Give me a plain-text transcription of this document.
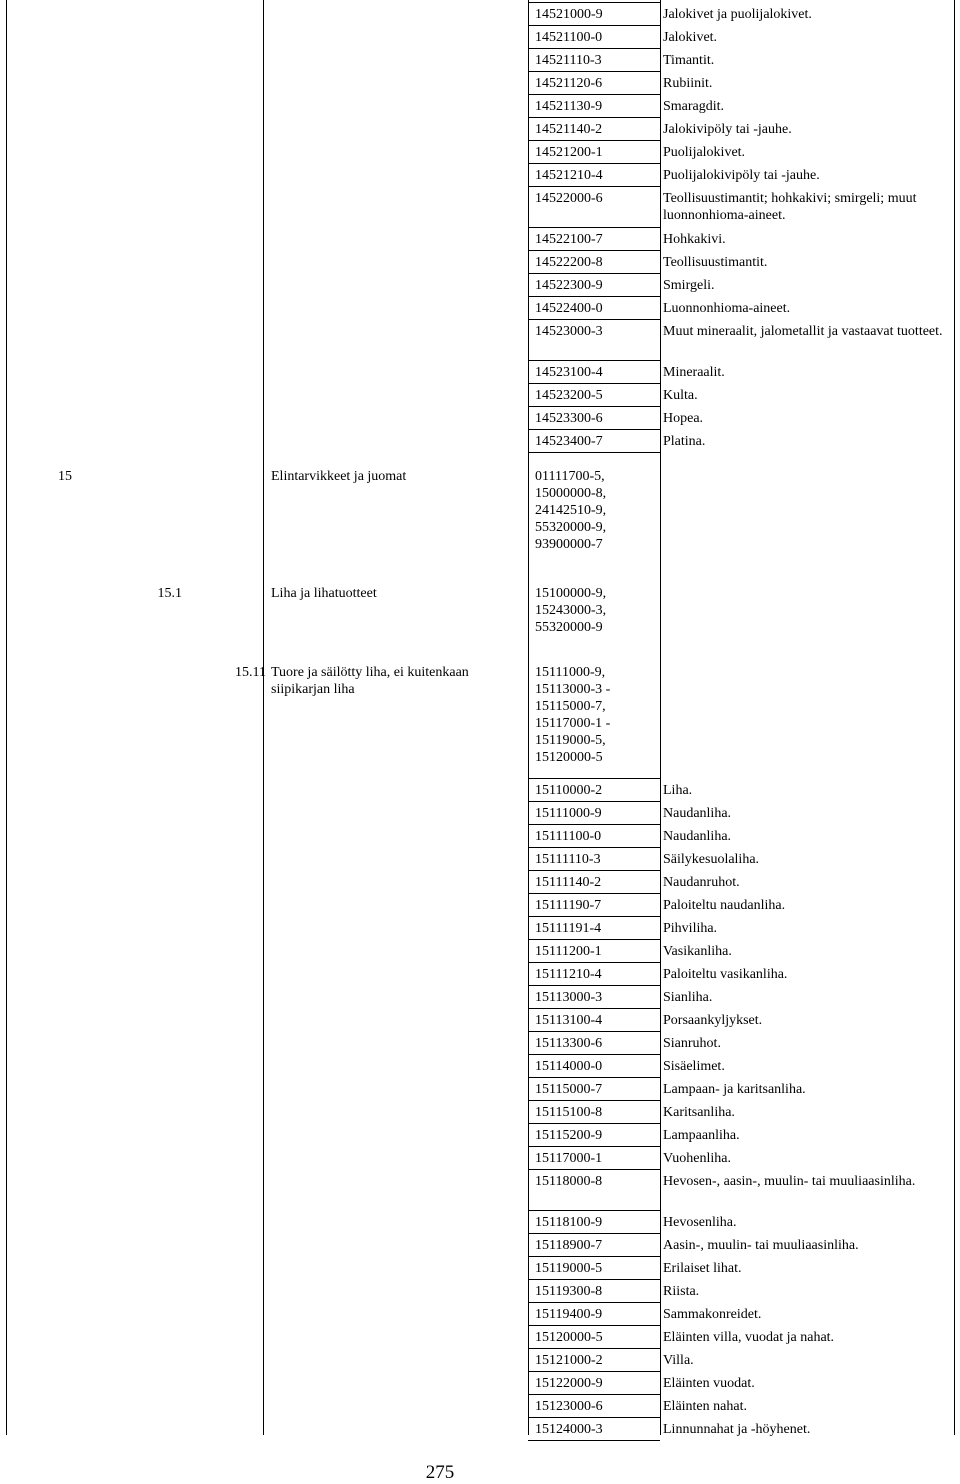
14521000-9	Jalokivet ja puolijalokivet.
14521100-0	Jalokivet.
14521110-3	Timantit.
14521120-6	Rubiinit.
14521130-9	Smaragdit.
14521140-2	Jalokivipöly tai -jauhe.
14521200-1	Puolijalokivet.
14521210-4	Puolijalokivipöly tai -jauhe.
14522000-6	Teollisuustimantit; hohkakivi; smirgeli; muut luonnonhioma-aineet.
14522100-7	Hohkakivi.
14522200-8	Teollisuustimantit.
14522300-9	Smirgeli.
14522400-0	Luonnonhioma-aineet.
14523000-3	Muut mineraalit, jalometallit ja vastaavat tuotteet.
14523100-4	Mineraalit.
14523200-5	Kulta.
14523300-6	Hopea.
14523400-7	Platina.
15	Elintarvikkeet ja juomat	01111700-5,
15000000-8,
24142510-9,
55320000-9,
93900000-7
15.1	Liha ja lihatuotteet	15100000-9,
15243000-3,
55320000-9
15.11 Tuore ja säilötty liha, ei kuitenkaan siipikarjan liha
15111000-9,
15113000-3 -
15115000-7,
15117000-1 -
15119000-5,
15120000-5
15110000-2	Liha.
15111000-9	Naudanliha.
15111100-0	Naudanliha.
15111110-3	Säilykesuolaliha.
15111140-2	Naudanruhot.
15111190-7	Paloiteltu naudanliha.
15111191-4	Pihviliha.
15111200-1	Vasikanliha.
15111210-4	Paloiteltu vasikanliha.
15113000-3	Sianliha.
15113100-4	Porsaankyljykset.
15113300-6	Sianruhot.
15114000-0	Sisäelimet.
15115000-7	Lampaan- ja karitsanliha.
15115100-8	Karitsanliha.
15115200-9	Lampaanliha.
15117000-1	Vuohenliha.
15118000-8	Hevosen-, aasin-, muulin- tai muuliaasinliha.
15118100-9	Hevosenliha.
15118900-7	Aasin-, muulin- tai muuliaasinliha.
15119000-5	Erilaiset lihat.
15119300-8	Riista.
15119400-9	Sammakonreidet.
15120000-5	Eläinten villa, vuodat ja nahat.
15121000-2	Villa.
15122000-9	Eläinten vuodat.
15123000-6	Eläinten nahat.
15124000-3	Linnunnahat ja -höyhenet.
275
